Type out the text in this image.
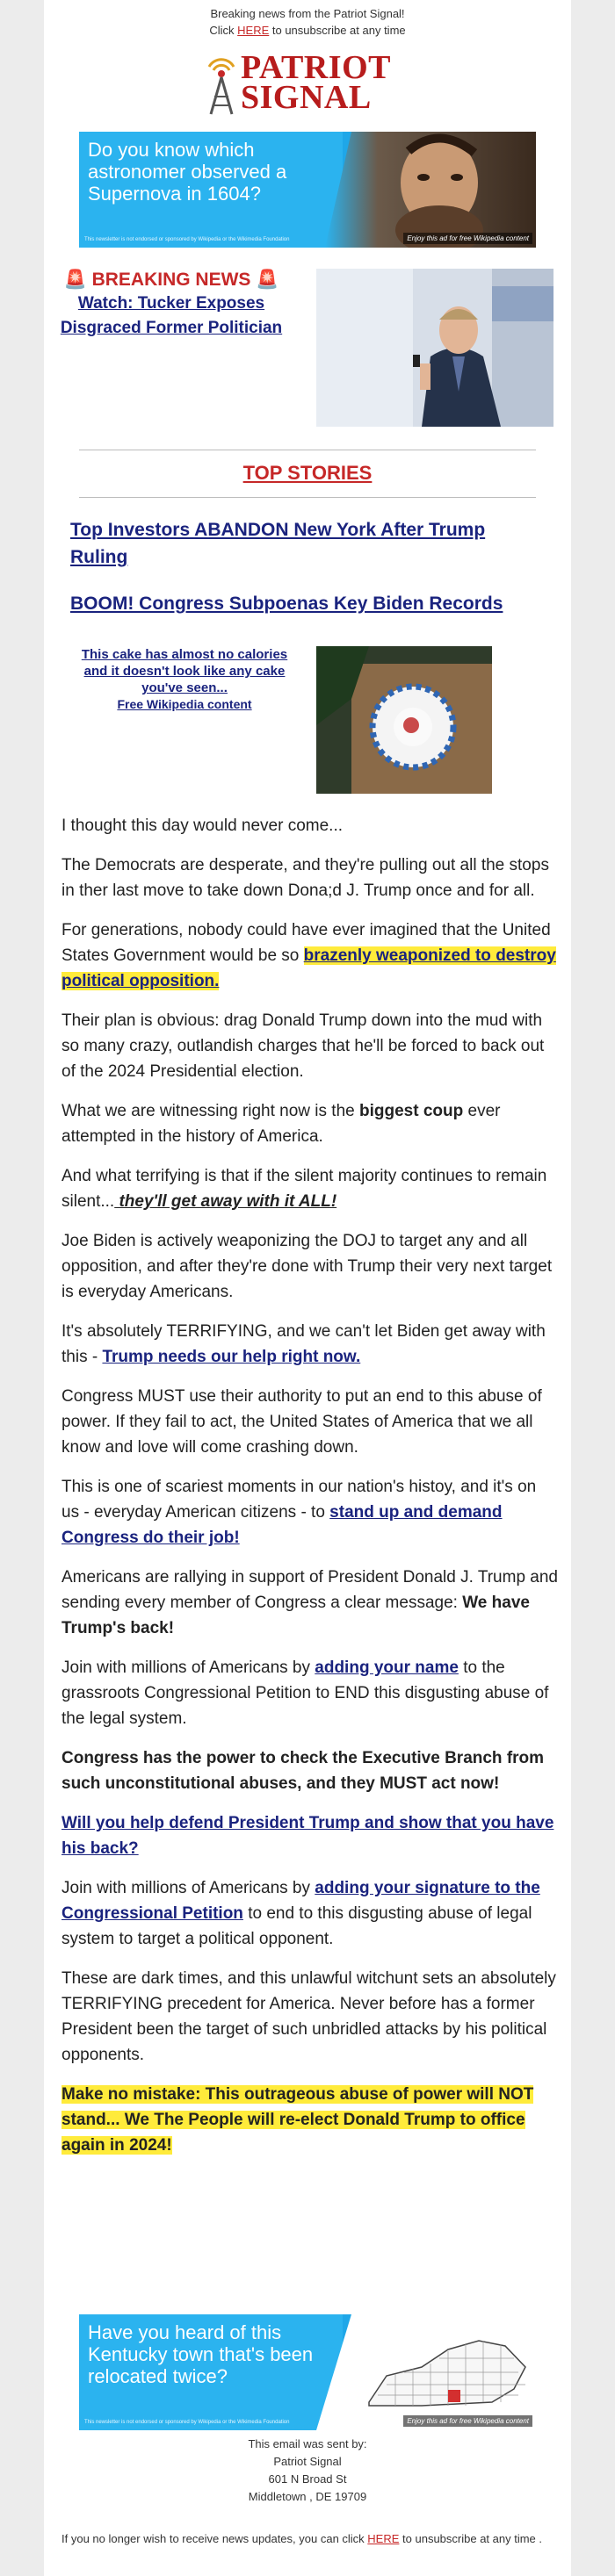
Breaking news from the Patriot Signal!
Click HERE to unsubscribe at any time
PATRIOT
SIGNAL
Do you know which astronomer observed a Supernova in 1604?
This newsletter is not endorsed or sponsored by Wikipedia or the Wikimedia Foundation	Enjoy this ad for free Wikipedia content
🚨 BREAKING NEWS 🚨
Watch: Tucker Exposes Disgraced Former Politician
TOP STORIES
Top Investors ABANDON New York After Trump Ruling
BOOM! Congress Subpoenas Key Biden Records
This cake has almost no calories and it doesn't look like any cake you've seen...
Free Wikipedia content

I thought this day would never come...

The Democrats are desperate, and they're pulling out all the stops in ther last move to take down Dona;d J. Trump once and for all.

For generations, nobody could have ever imagined that the United States Government would be so brazenly weaponized to destroy political opposition.

Their plan is obvious: drag Donald Trump down into the mud with so many crazy, outlandish charges that he'll be forced to back out of the 2024 Presidential election.

What we are witnessing right now is the biggest coup ever attempted in the history of America.

And what terrifying is that if the silent majority continues to remain silent... they'll get away with it ALL!

Joe Biden is actively weaponizing the DOJ to target any and all opposition, and after they're done with Trump their very next target is everyday Americans.

It's absolutely TERRIFYING, and we can't let Biden get away with this - Trump needs our help right now.

Congress MUST use their authority to put an end to this abuse of power. If they fail to act, the United States of America that we all know and love will come crashing down.

This is one of scariest moments in our nation's histoy, and it's on us - everyday American citizens - to stand up and demand Congress do their job!

Americans are rallying in support of President Donald J. Trump and sending every member of Congress a clear message: We have Trump's back!

Join with millions of Americans by adding your name to the grassroots Congressional Petition to END this disgusting abuse of the legal system.

Congress has the power to check the Executive Branch from such unconstitutional abuses, and they MUST act now!

Will you help defend President Trump and show that you have his back?

Join with millions of Americans by adding your signature to the Congressional Petition to end to this disgusting abuse of legal system to target a political opponent.

These are dark times, and this unlawful witchunt sets an absolutely TERRIFYING precedent for America. Never before has a former President been the target of such unbridled attacks by his political opponents.

Make no mistake: This outrageous abuse of power will NOT stand... We The People will re-elect Donald Trump to office again in 2024!

Have you heard of this Kentucky town that's been relocated twice?
This newsletter is not endorsed or sponsored by Wikipedia or the Wikimedia Foundation	Enjoy this ad for free Wikipedia content
This email was sent by:
Patriot Signal
601 N Broad St
Middletown , DE 19709
If you no longer wish to receive news updates, you can click HERE to unsubscribe at any time .
